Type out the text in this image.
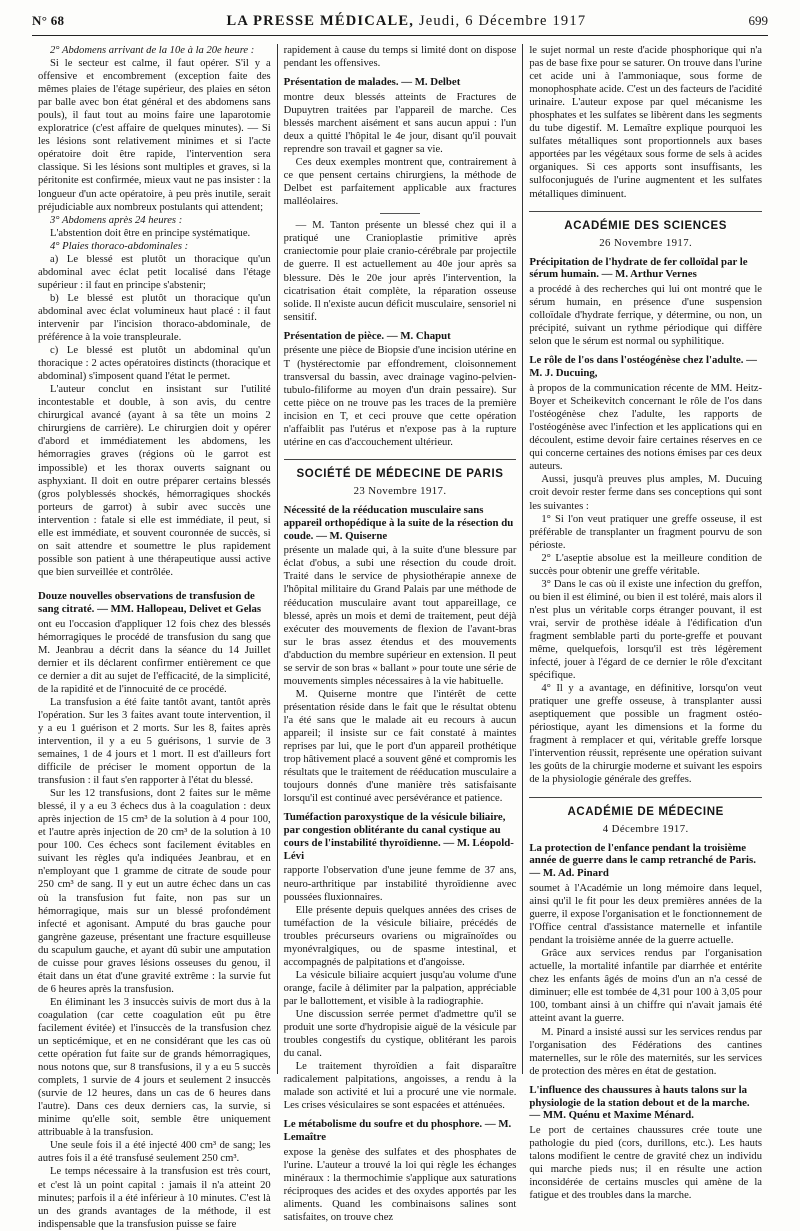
N° 68	LA PRESSE MÉDICALE, Jeudi, 6 Décembre 1917	699

2° Abdomens arrivant de la 10e à la 20e heure :

Si le secteur est calme, il faut opérer. S'il y a offensive et encombrement (exception faite des mêmes plaies de l'étage supérieur, des plaies en séton par balle avec bon état général et des abdomens sans pouls), il faut tout au moins faire une laparotomie exploratrice (c'est affaire de quelques minutes). — Si les lésions sont relativement minimes et si l'acte opératoire doit être rapide, l'intervention sera classique. Si les lésions sont multiples et graves, si la péritonite est confirmée, mieux vaut ne pas insister : la longueur d'un acte opératoire, à peu près inutile, serait préjudiciable aux nombreux postulants qui attendent;

3° Abdomens après 24 heures :

L'abstention doit être en principe systématique.

4° Plaies thoraco-abdominales :

a) Le blessé est plutôt un thoracique qu'un abdominal avec éclat petit localisé dans l'étage supérieur : il faut en principe s'abstenir;

b) Le blessé est plutôt un thoracique qu'un abdominal avec éclat volumineux haut placé : il faut intervenir par l'incision thoraco-abdominale, de préférence à la voie transpleurale.

c) Le blessé est plutôt un abdominal qu'un thoracique : 2 actes opératoires distincts (thoracique et abdominal) s'imposent quand l'état le permet.

L'auteur conclut en insistant sur l'utilité incontestable et double, à son avis, du centre chirurgical avancé (ayant à sa tête un moins 2 chirurgiens de carrière). Le chirurgien doit y opérer d'abord et immédiatement les abdomens, les hémorragies graves (régions où le garrot est impossible) et les thorax ouverts saignant ou asphyxiant. Il doit en outre préparer certains blessés (gros polyblessés shockés, hémorragiques shockés porteurs de garrot) à subir avec succès une intervention : fatale si elle est immédiate, il peut, si elle est immédiate, et souvent couronnée de succès, si on sait attendre et soumettre le plus rapidement possible son patient à une thérapeutique aussi active que bien surveillée et contrôlée.

Douze nouvelles observations de transfusion de sang citraté. — MM. Hallopeau, Delivet et Gelas

ont eu l'occasion d'appliquer 12 fois chez des blessés hémorragiques le procédé de transfusion du sang que M. Jeanbrau a décrit dans la séance du 14 Juillet dernier et ils déclarent confirmer entièrement ce que ce dernier a dit au sujet de l'efficacité, de la simplicité, de la rapidité et de l'innocuité de ce procédé.

La transfusion a été faite tantôt avant, tantôt après l'opération. Sur les 3 faites avant toute intervention, il y a eu 1 guérison et 2 morts. Sur les 8, faites après intervention, il y a eu 5 guérisons, 1 survie de 3 semaines, 1 de 4 jours et 1 mort. Il est d'ailleurs fort difficile de préciser le moment opportun de la transfusion : il faut s'en rapporter à l'état du blessé.

Sur les 12 transfusions, dont 2 faites sur le même blessé, il y a eu 3 échecs dus à la coagulation : deux après injection de 15 cm³ de la solution à 4 pour 100, et l'autre après injection de 20 cm³ de la solution à 10 pour 100. Ces échecs sont facilement évitables en suivant les règles qu'a indiquées Jeanbrau, et en n'employant que 1 gramme de citrate de soude pour 250 cm³ de sang. Il y eut un autre échec dans un cas où la transfusion fut faite, non pas sur un hémorragique, mais sur un blessé profondément infecté et agonisant. Amputé du bras gauche pour gangrène gazeuse, présentant une fracture esquilleuse du scapulum gauche, et ayant dû subir une amputation de cuisse pour graves lésions osseuses du genou, il était dans un état d'une gravité extrême : la survie fut de 6 heures après la transfusion.

En éliminant les 3 insuccès suivis de mort dus à la coagulation (car cette coagulation eût pu être facilement évitée) et l'insuccès de la transfusion chez un septicémique, et en ne considérant que les cas où cette opération fut faite sur de grands hémorragiques, nous notons que, sur 8 transfusions, il y a eu 5 succès complets, 1 survie de 4 jours et seulement 2 insuccès (survie de 12 heures, dans un cas de 6 heures dans l'autre). Dans ces deux derniers cas, la survie, si minime qu'elle soit, semble être uniquement attribuable à la transfusion.

Une seule fois il a été injecté 400 cm³ de sang; les autres fois il a été transfusé seulement 250 cm³.

Le temps nécessaire à la transfusion est très court, et c'est là un point capital : jamais il n'a atteint 20 minutes; parfois il a été inférieur à 10 minutes. C'est là un des grands avantages de la méthode, il est indispensable que la transfusion puisse se faire

rapidement à cause du temps si limité dont on dispose pendant les offensives.

Présentation de malades. — M. Delbet

montre deux blessés atteints de Fractures de Dupuytren traitées par l'appareil de marche. Ces blessés marchent aisément et sans aucun appui : l'un deux a quitté l'hôpital le 4e jour, disant qu'il pouvait reprendre son travail et gagner sa vie.

Ces deux exemples montrent que, contrairement à ce que pensent certains chirurgiens, la méthode de Delbet est parfaitement applicable aux fractures malléolaires.

— M. Tanton présente un blessé chez qui il a pratiqué une Cranioplastie primitive après craniectomie pour plaie cranio-cérébrale par projectile de guerre. Il est actuellement au 40e jour après sa blessure. Dès le 20e jour après l'intervention, la cicatrisation était complète, la réparation osseuse solide. Il n'existe aucun déficit musculaire, sensoriel ni sensitif.

Présentation de pièce. — M. Chaput

présente une pièce de Biopsie d'une incision utérine en T (hystérectomie par effondrement, cloisonnement transversal du bassin, avec drainage vagino-pelvien-tubulo-filiforme au moyen d'un drain pessaire). Sur cette pièce on ne trouve pas les traces de la première incision en T, et ceci prouve que cette opération n'affaiblit pas l'utérus et n'expose pas à la rupture utérine en cas d'accouchement ultérieur.

SOCIÉTÉ DE MÉDECINE DE PARIS
23 Novembre 1917.
Nécessité de la rééducation musculaire sans appareil orthopédique à la suite de la résection du coude. — M. Quiserne

présente un malade qui, à la suite d'une blessure par éclat d'obus, a subi une résection du coude droit. Traité dans le service de physiothérapie annexe de l'hôpital militaire du Grand Palais par une méthode de rééducation musculaire avant tout appareillage, ce blessé, après un mois et demi de traitement, peut déjà exécuter des mouvements de flexion de l'avant-bras sur le bras assez étendus et des mouvements d'abduction du membre supérieur en extension. Il peut se servir de son bras « ballant » pour toute une série de mouvements simples nécessaires à la vie habituelle.

M. Quiserne montre que l'intérêt de cette présentation réside dans le fait que le résultat obtenu l'a été sans que le malade ait eu recours à aucun appareil; il insiste sur ce fait constaté à maintes reprises par lui, que le port d'un appareil prothétique trop hâtivement placé a souvent gêné et compromis les résultats que le traitement de rééducation musculaire a toujours donnés d'une manière très satisfaisante lorsqu'il est continué avec persévérance et patience.

Tuméfaction paroxystique de la vésicule biliaire, par congestion oblitérante du canal cystique au cours de l'instabilité thyroïdienne. — M. Léopold-Lévi

rapporte l'observation d'une jeune femme de 37 ans, neuro-arthritique par instabilité thyroïdienne avec poussées fluxionnaires.

Elle présente depuis quelques années des crises de tuméfaction de la vésicule biliaire, précédés de troubles précurseurs ovariens ou migraïnoïdes ou myonévralgiques, ou de spasme intestinal, et accompagnés de palpitations et d'angoisse.

La vésicule biliaire acquiert jusqu'au volume d'une orange, facile à délimiter par la palpation, appréciable par le ballottement, et visible à la radiographie.

Une discussion serrée permet d'admettre qu'il se produit une sorte d'hydropisie aiguë de la vésicule par troubles congestifs du cystique, oblitérant les parois du canal.

Le traitement thyroïdien a fait disparaître radicalement palpitations, angoisses, a rendu à la malade son activité et lui a procuré une vie normale. Les crises vésiculaires se sont espacées et atténuées.

Le métabolisme du soufre et du phosphore. — M. Lemaître

expose la genèse des sulfates et des phosphates de l'urine. L'auteur a trouvé la loi qui règle les échanges minéraux : la thermochimie s'applique aux saturations réciproques des acides et des oxydes apportés par les aliments. Quand les combinaisons salines sont satisfaites, on trouve chez

le sujet normal un reste d'acide phosphorique qui n'a pas de base fixe pour se saturer. On trouve dans l'urine cet acide uni à l'ammoniaque, sous forme de monophosphate acide. C'est un des facteurs de l'acidité urinaire. L'auteur expose par quel mécanisme les phosphates et les sulfates se libèrent dans les segments du tube digestif. M. Lemaître explique pourquoi les sulfates métalliques sont proportionnels aux bases apportées par les végétaux sous forme de sels à acides organiques. Si ces apports sont insuffisants, les sulfoconjugués de l'urine augmentent et les sulfates métalliques diminuent.

ACADÉMIE DES SCIENCES
26 Novembre 1917.
Précipitation de l'hydrate de fer colloïdal par le sérum humain. — M. Arthur Vernes

a procédé à des recherches qui lui ont montré que le sérum humain, en présence d'une suspension colloïdale d'hydrate ferrique, y détermine, ou non, un précipité, suivant un rythme périodique qui diffère selon que le sérum est normal ou syphilitique.

Le rôle de l'os dans l'ostéogénèse chez l'adulte. — M. J. Ducuing,

à propos de la communication récente de MM. Heitz-Boyer et Scheikevitch concernant le rôle de l'os dans l'ostéogénèse chez l'adulte, les rapports de l'ostéogénèse avec l'infection et les applications qui en découlent, estime devoir faire certaines réserves en ce qui concerne certaines des notions émises par ces deux auteurs.

Aussi, jusqu'à preuves plus amples, M. Ducuing croit devoir rester ferme dans ses conceptions qui sont les suivantes :

1° Si l'on veut pratiquer une greffe osseuse, il est préférable de transplanter un fragment pourvu de son périoste.

2° L'aseptie absolue est la meilleure condition de succès pour obtenir une greffe véritable.

3° Dans le cas où il existe une infection du greffon, ou bien il est éliminé, ou bien il est toléré, mais alors il n'est plus un véritable corps étranger pouvant, il est vrai, servir de prothèse idéale à l'édification d'un fragment semblable parti du porte-greffe et pouvant même, quelquefois, lorsqu'il est très légèrement infecté, jouer à l'égard de ce dernier le rôle d'excitant spécifique.

4° Il y a avantage, en définitive, lorsqu'on veut pratiquer une greffe osseuse, à transplanter aussi aseptiquement que possible un fragment ostéo-périostique, ayant les dimensions et la forme du fragment à remplacer et qui, véritable greffe lorsque l'intervention réussit, représente une opération suivant les goûts de la chirurgie moderne et suivant les espoirs de la physiologie générale des greffes.

ACADÉMIE DE MÉDECINE
4 Décembre 1917.
La protection de l'enfance pendant la troisième année de guerre dans le camp retranché de Paris. — M. Ad. Pinard

soumet à l'Académie un long mémoire dans lequel, ainsi qu'il le fit pour les deux premières années de la guerre, il expose l'organisation et le fonctionnement de l'Office central d'assistance maternelle et infantile pendant la troisième année de la guerre actuelle.

Grâce aux services rendus par l'organisation actuelle, la mortalité infantile par diarrhée et entérite chez les enfants âgés de moins d'un an n'a cessé de diminuer; elle est tombée de 4,31 pour 100 à 3,05 pour 100, tombant ainsi à un chiffre qui n'avait jamais été atteint avant la guerre.

M. Pinard a insisté aussi sur les services rendus par l'organisation des Fédérations des cantines maternelles, sur le rôle des maternités, sur les services de protection des mères en état de gestation.

L'influence des chaussures à hauts talons sur la physiologie de la station debout et de la marche. — MM. Quénu et Maxime Ménard.

Le port de certaines chaussures crée toute une pathologie du pied (cors, durillons, etc.). Les hauts talons modifient le centre de gravité chez un individu qui marche pieds nus; il en résulte une action inconsidérée de certains muscles qui amène de la fatigue et des troubles dans la marche.
